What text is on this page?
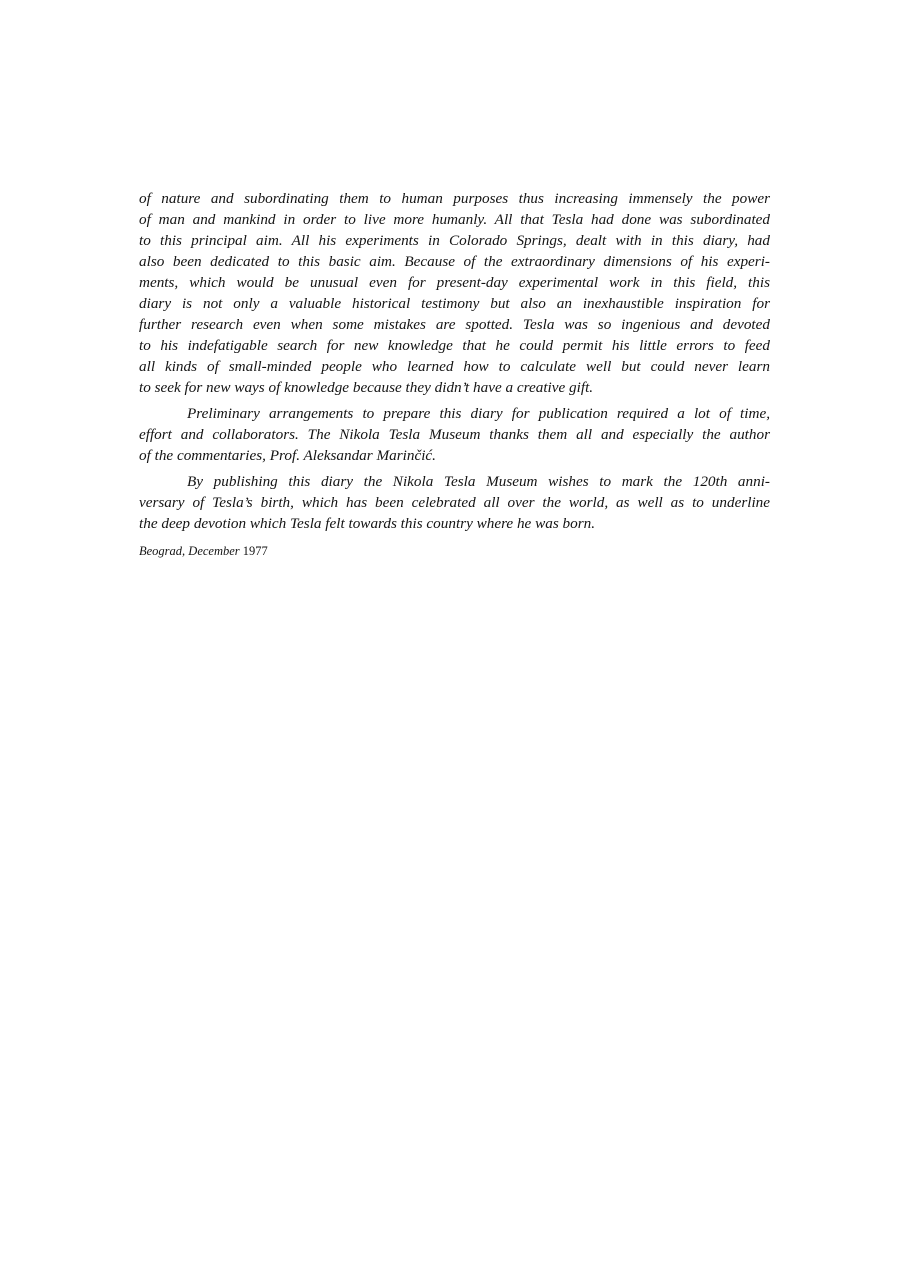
of nature and subordinating them to human purposes thus increasing immensely the power
of man and mankind in order to live more humanly. All that Tesla had done was subordinated
to this principal aim. All his experiments in Colorado Springs, dealt with in this diary, had
also been dedicated to this basic aim. Because of the extraordinary dimensions of his experi-
ments, which would be unusual even for present-day experimental work in this field, this
diary is not only a valuable historical testimony but also an inexhaustible inspiration for
further research even when some mistakes are spotted. Tesla was so ingenious and devoted
to his indefatigable search for new knowledge that he could permit his little errors to feed
all kinds of small-minded people who learned how to calculate well but could never learn
to seek for new ways of knowledge because they didn’t have a creative gift.
Preliminary arrangements to prepare this diary for publication required a lot of time,
effort and collaborators. The Nikola Tesla Museum thanks them all and especially the author
of the commentaries, Prof. Aleksandar Marinčić.
By publishing this diary the Nikola Tesla Museum wishes to mark the 120th anni-
versary of Tesla’s birth, which has been celebrated all over the world, as well as to underline
the deep devotion which Tesla felt towards this country where he was born.
Beograd, December 1977
